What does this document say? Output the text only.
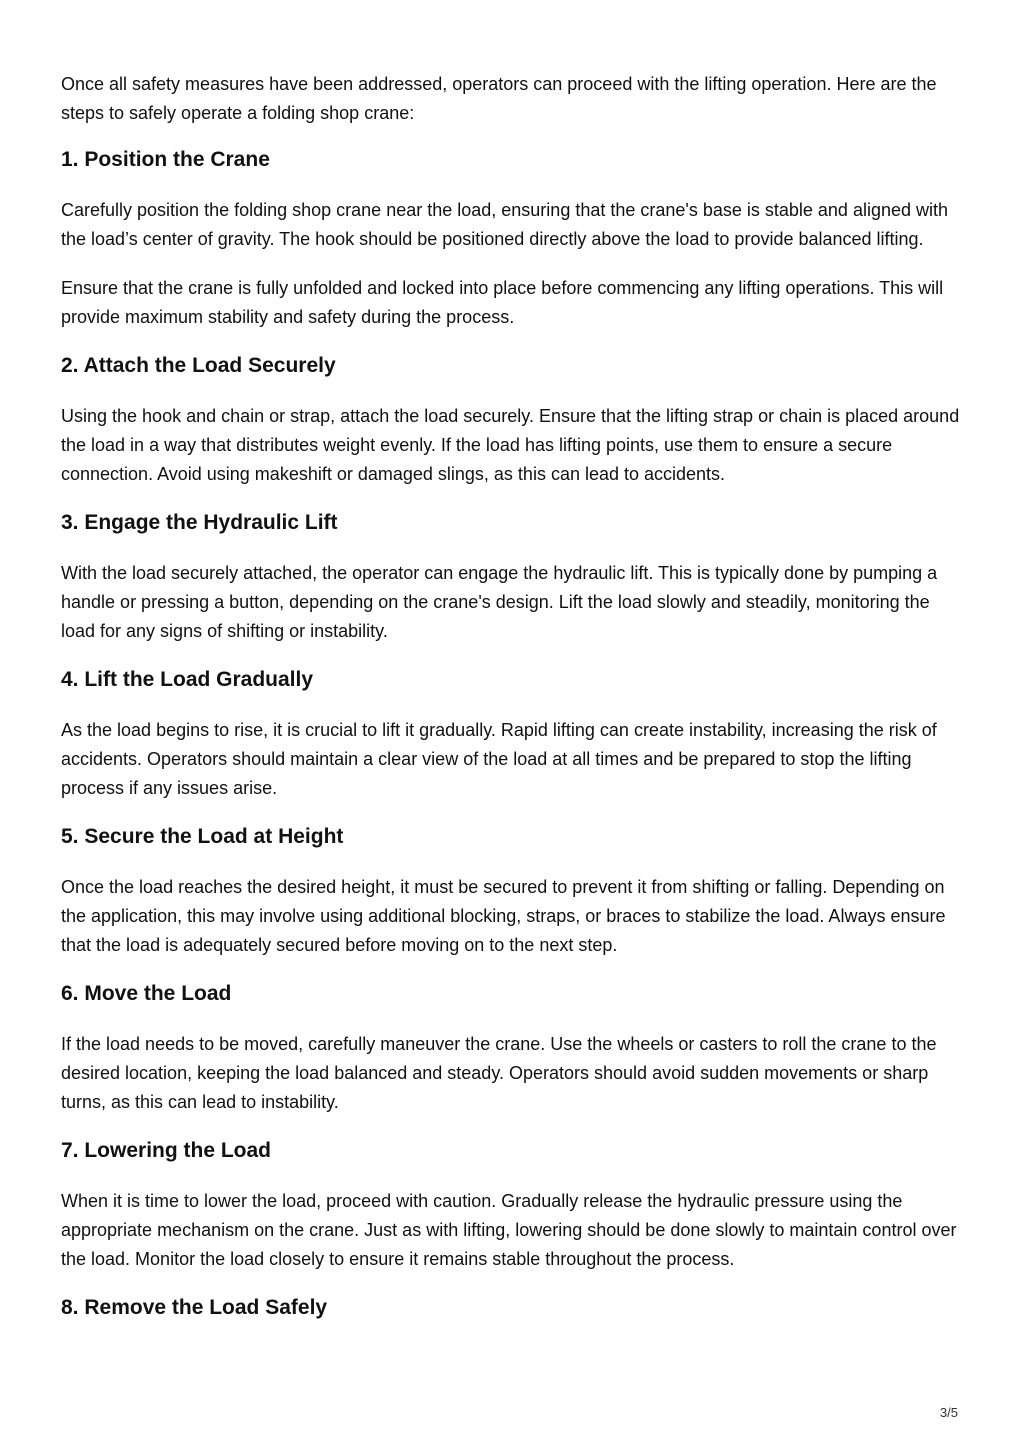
Once all safety measures have been addressed, operators can proceed with the lifting operation. Here are the steps to safely operate a folding shop crane:

1. Position the Crane

Carefully position the folding shop crane near the load, ensuring that the crane's base is stable and aligned with the load’s center of gravity. The hook should be positioned directly above the load to provide balanced lifting.

Ensure that the crane is fully unfolded and locked into place before commencing any lifting operations. This will provide maximum stability and safety during the process.

2. Attach the Load Securely

Using the hook and chain or strap, attach the load securely. Ensure that the lifting strap or chain is placed around the load in a way that distributes weight evenly. If the load has lifting points, use them to ensure a secure connection. Avoid using makeshift or damaged slings, as this can lead to accidents.

3. Engage the Hydraulic Lift

With the load securely attached, the operator can engage the hydraulic lift. This is typically done by pumping a handle or pressing a button, depending on the crane's design. Lift the load slowly and steadily, monitoring the load for any signs of shifting or instability.

4. Lift the Load Gradually

As the load begins to rise, it is crucial to lift it gradually. Rapid lifting can create instability, increasing the risk of accidents. Operators should maintain a clear view of the load at all times and be prepared to stop the lifting process if any issues arise.

5. Secure the Load at Height

Once the load reaches the desired height, it must be secured to prevent it from shifting or falling. Depending on the application, this may involve using additional blocking, straps, or braces to stabilize the load. Always ensure that the load is adequately secured before moving on to the next step.

6. Move the Load

If the load needs to be moved, carefully maneuver the crane. Use the wheels or casters to roll the crane to the desired location, keeping the load balanced and steady. Operators should avoid sudden movements or sharp turns, as this can lead to instability.

7. Lowering the Load

When it is time to lower the load, proceed with caution. Gradually release the hydraulic pressure using the appropriate mechanism on the crane. Just as with lifting, lowering should be done slowly to maintain control over the load. Monitor the load closely to ensure it remains stable throughout the process.

8. Remove the Load Safely
3/5
